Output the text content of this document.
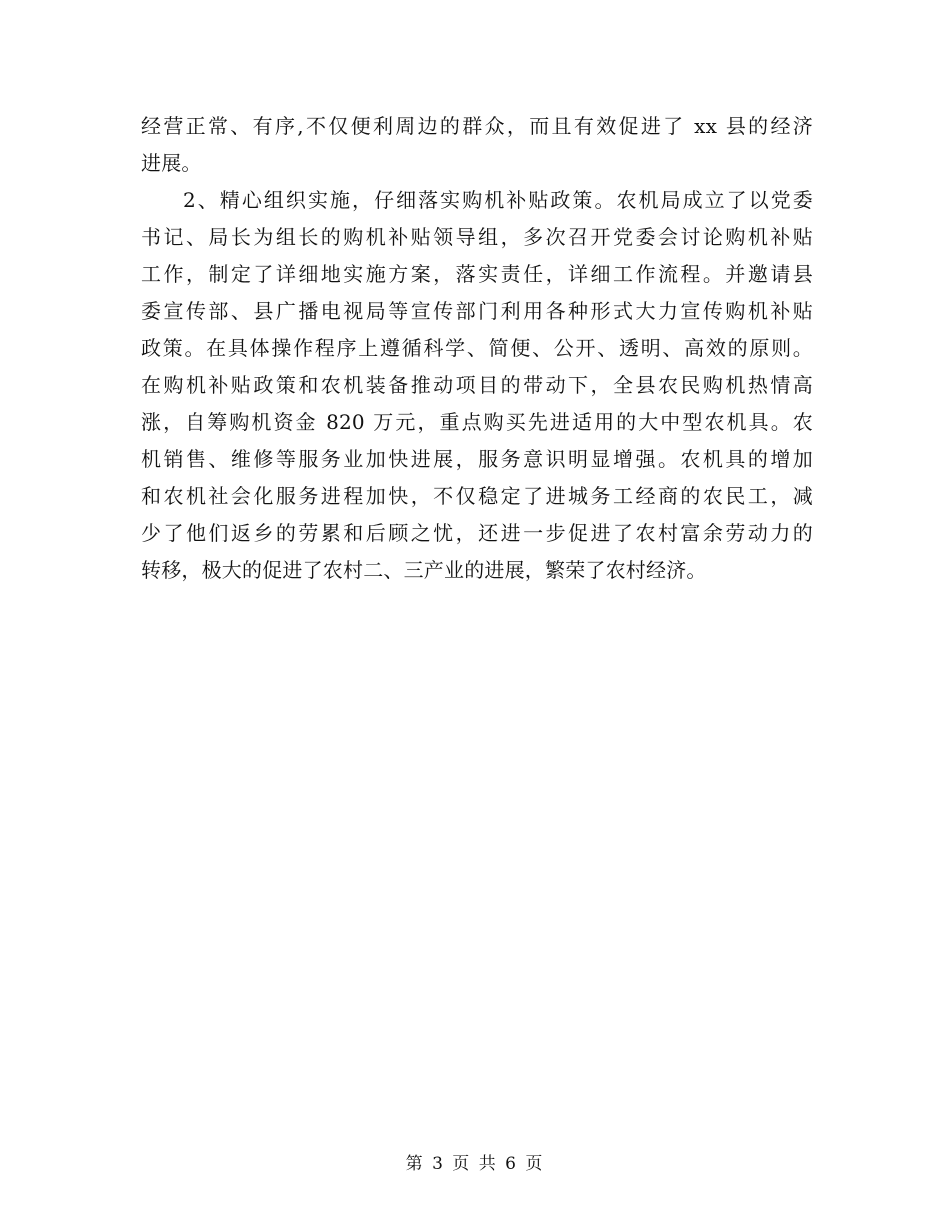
经营正常、有序,不仅便利周边的群众，而且有效促进了 xx 县的经济
进展。
2、精心组织实施，仔细落实购机补贴政策。农机局成立了以党委
书记、局长为组长的购机补贴领导组，多次召开党委会讨论购机补贴
工作，制定了详细地实施方案，落实责任，详细工作流程。并邀请县
委宣传部、县广播电视局等宣传部门利用各种形式大力宣传购机补贴
政策。在具体操作程序上遵循科学、简便、公开、透明、高效的原则。
在购机补贴政策和农机装备推动项目的带动下，全县农民购机热情高
涨，自筹购机资金 820 万元，重点购买先进适用的大中型农机具。农
机销售、维修等服务业加快进展，服务意识明显增强。农机具的增加
和农机社会化服务进程加快，不仅稳定了进城务工经商的农民工，减
少了他们返乡的劳累和后顾之忧，还进一步促进了农村富余劳动力的
转移，极大的促进了农村二、三产业的进展，繁荣了农村经济。
第 3 页 共 6 页
